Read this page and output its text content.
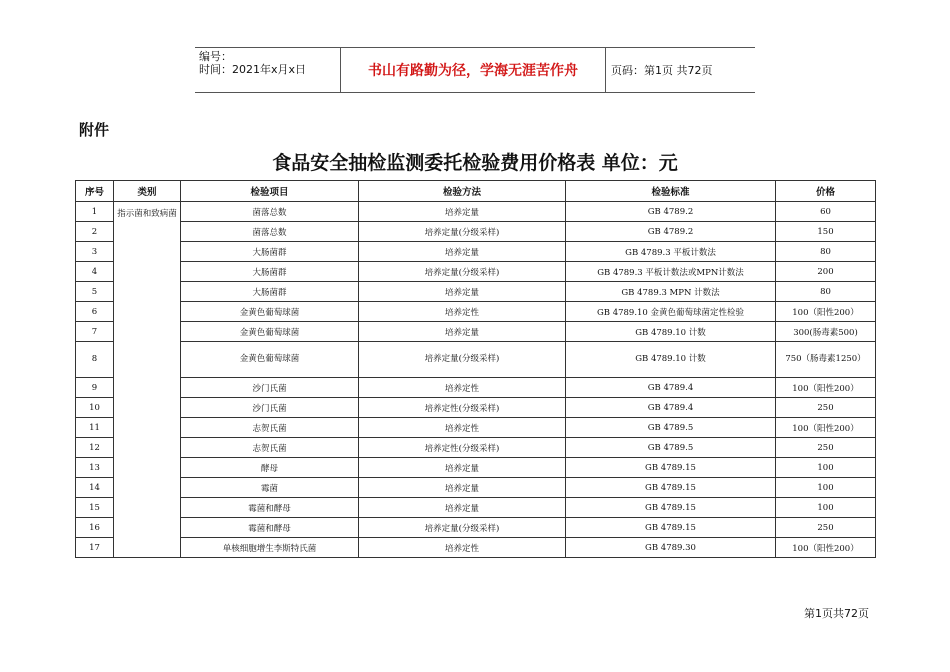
编号：
时间：2021年x月x日	书山有路勤为径，学海无涯苦作舟	页码：第1页 共72页
附件
食品安全抽检监测委托检验费用价格表 单位：元
序号	类别	检验项目	检验方法	检验标准	价格
1	指示菌和致病菌	菌落总数	培养定量	GB 4789.2	60
2		菌落总数	培养定量(分级采样)	GB 4789.2	150
3		大肠菌群	培养定量	GB 4789.3 平板计数法	80
4		大肠菌群	培养定量(分级采样)	GB 4789.3 平板计数法或MPN计数法	200
5		大肠菌群	培养定量	GB 4789.3 MPN 计数法	80
6		金黄色葡萄球菌	培养定性	GB 4789.10 金黄色葡萄球菌定性检验	100（阳性200）
7		金黄色葡萄球菌	培养定量	GB 4789.10 计数	300(肠毒素500)
8		金黄色葡萄球菌	培养定量(分级采样)	GB 4789.10 计数	750（肠毒素1250）
9		沙门氏菌	培养定性	GB 4789.4	100（阳性200）
10		沙门氏菌	培养定性(分级采样)	GB 4789.4	250
11		志贺氏菌	培养定性	GB 4789.5	100（阳性200）
12		志贺氏菌	培养定性(分级采样)	GB 4789.5	250
13		酵母	培养定量	GB 4789.15	100
14		霉菌	培养定量	GB 4789.15	100
15		霉菌和酵母	培养定量	GB 4789.15	100
16		霉菌和酵母	培养定量(分级采样)	GB 4789.15	250
17		单核细胞增生李斯特氏菌	培养定性	GB 4789.30	100（阳性200）
第1页共72页
